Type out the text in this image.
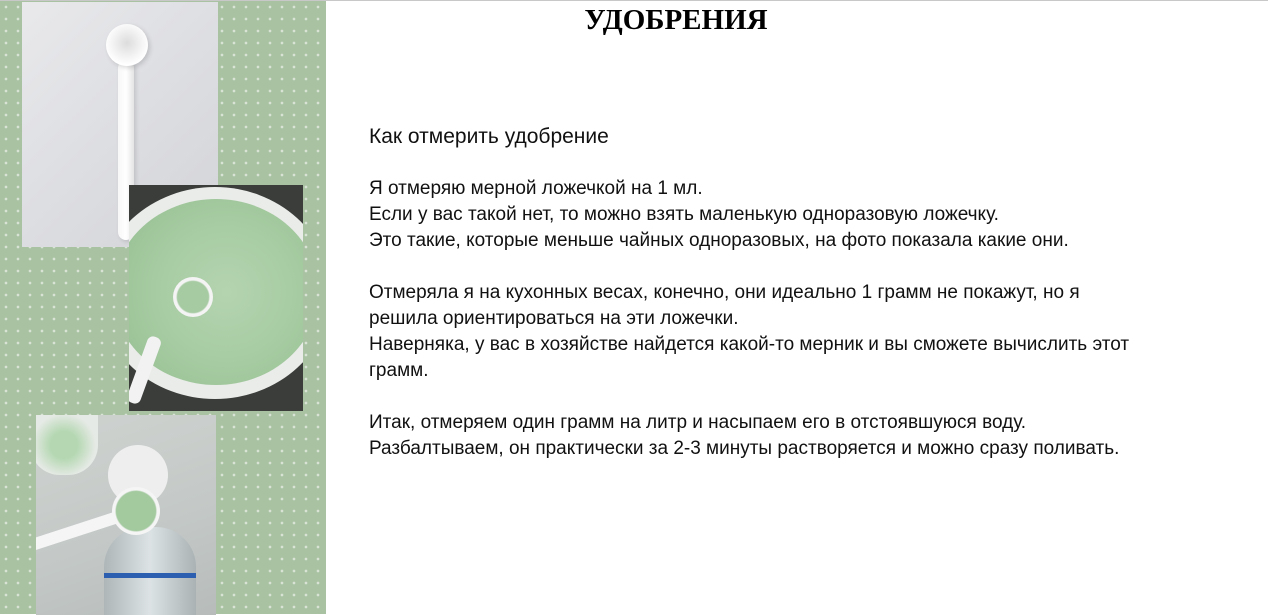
УДОБРЕНИЯ

Как отмерить удобрение

Я отмеряю мерной ложечкой на 1 мл.
Если у вас такой нет, то можно взять маленькую одноразовую ложечку.
Это такие, которые меньше чайных одноразовых, на фото показала какие они.

Отмеряла я на кухонных весах, конечно, они идеально 1 грамм не покажут, но я
решила ориентироваться на эти ложечки.
Наверняка, у вас в хозяйстве найдется какой-то мерник и вы сможете вычислить этот
грамм.

Итак, отмеряем один грамм на литр и насыпаем его в отстоявшуюся воду.
Разбалтываем, он практически за 2-3 минуты растворяется и можно сразу поливать.
